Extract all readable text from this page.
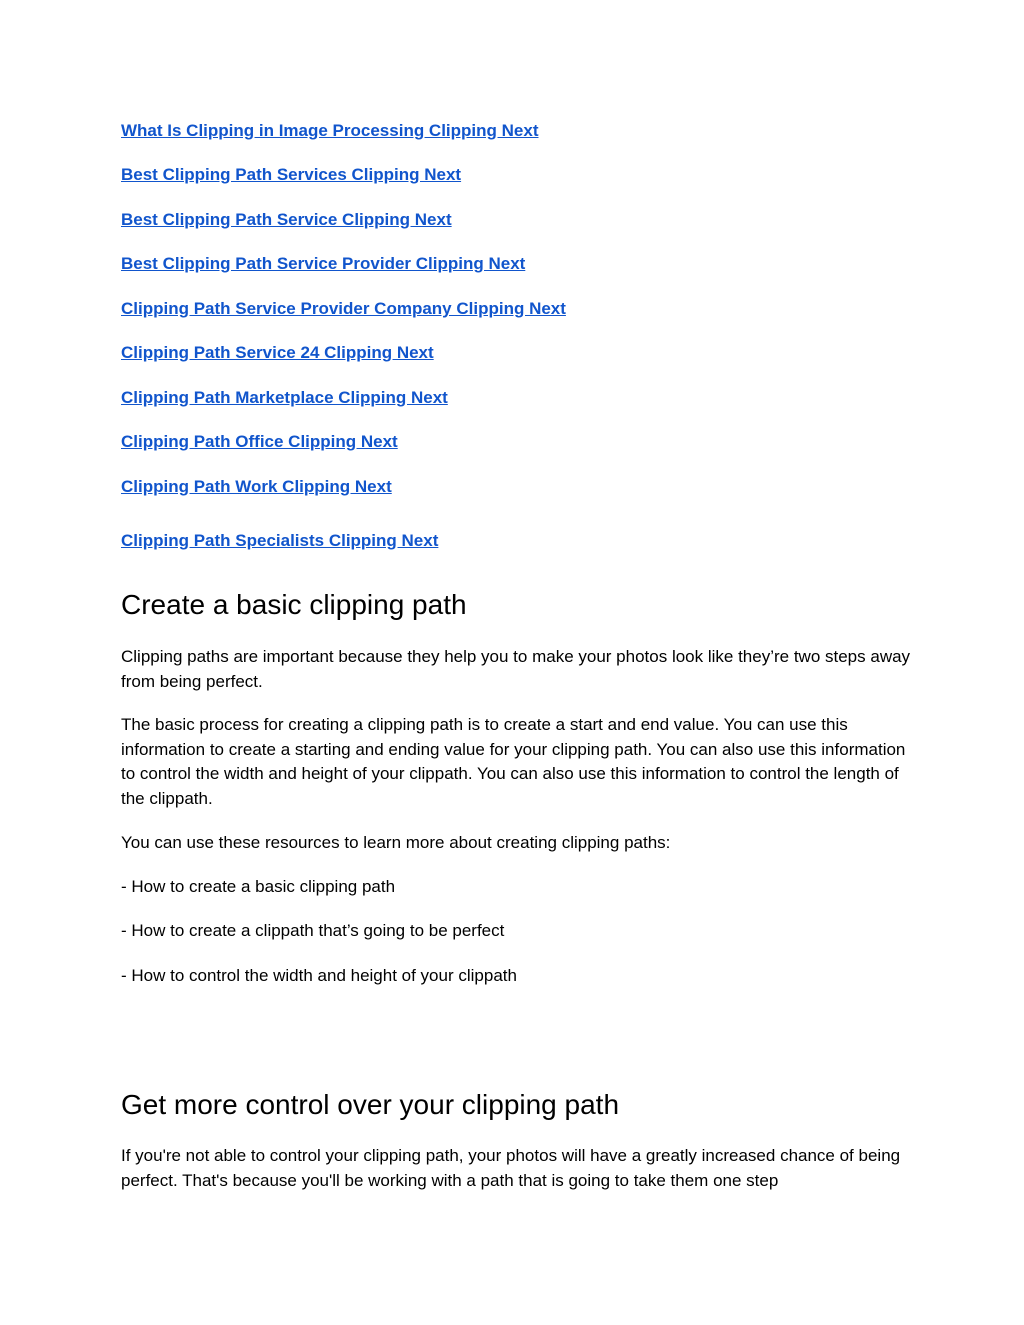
What Is Clipping in Image Processing Clipping Next
Best Clipping Path Services Clipping Next
Best Clipping Path Service Clipping Next
Best Clipping Path Service Provider Clipping Next
Clipping Path Service Provider Company Clipping Next
Clipping Path Service 24 Clipping Next
Clipping Path Marketplace Clipping Next
Clipping Path Office Clipping Next
Clipping Path Work Clipping Next
Clipping Path Specialists Clipping Next
Create a basic clipping path

Clipping paths are important because they help you to make your photos look like they’re two steps away from being perfect.

The basic process for creating a clipping path is to create a start and end value. You can use this information to create a starting and ending value for your clipping path. You can also use this information to control the width and height of your clippath. You can also use this information to control the length of the clippath.

You can use these resources to learn more about creating clipping paths:

- How to create a basic clipping path

- How to create a clippath that’s going to be perfect

- How to control the width and height of your clippath

Get more control over your clipping path

If you're not able to control your clipping path, your photos will have a greatly increased chance of being perfect. That's because you'll be working with a path that is going to take them one step
